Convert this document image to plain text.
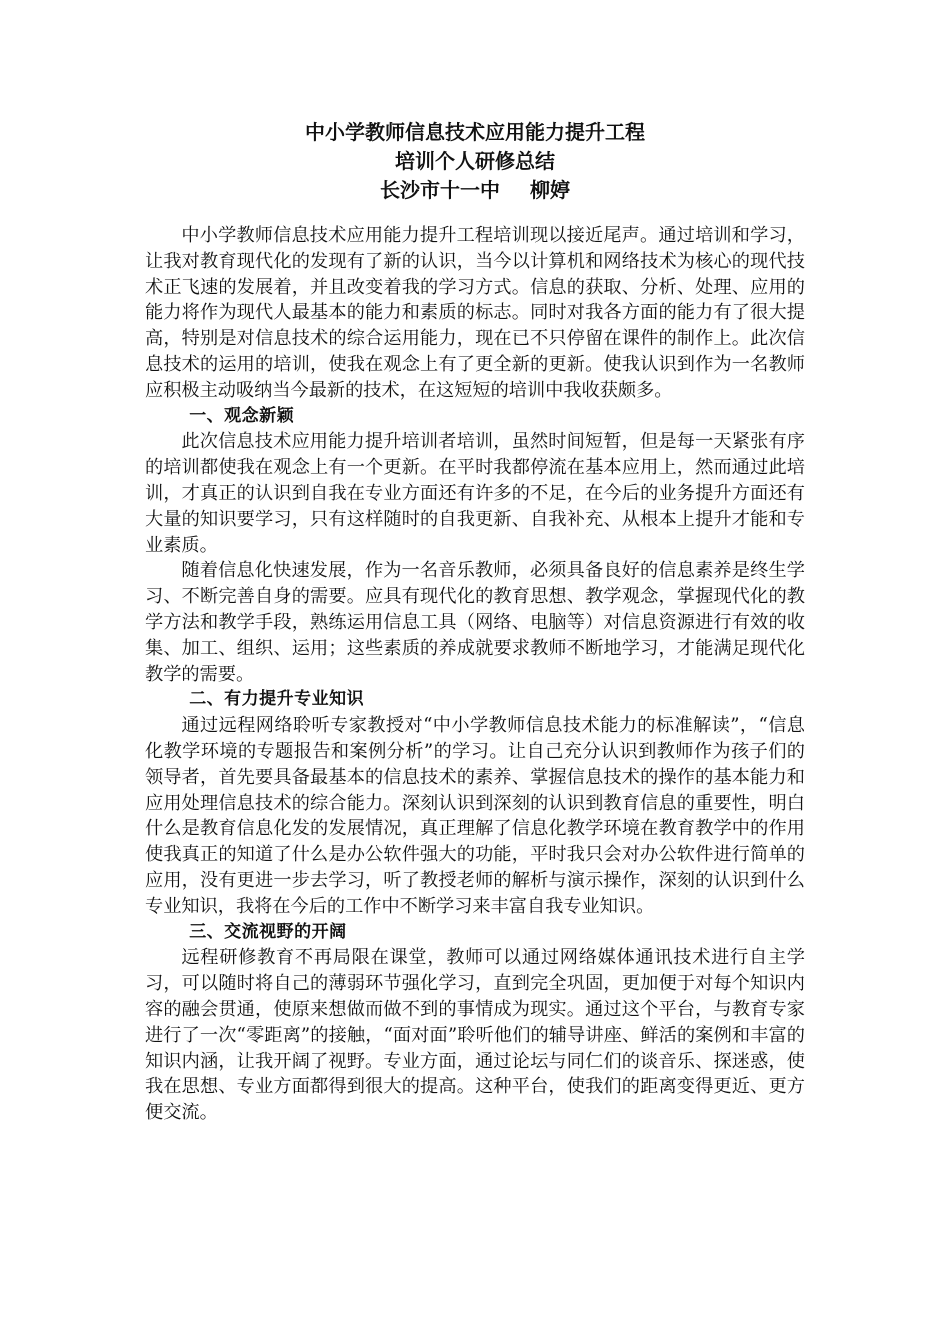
中小学教师信息技术应用能力提升工程
培训个人研修总结
长沙市十一中 柳婷

中小学教师信息技术应用能力提升工程培训现以接近尾声。通过培训和学习，让我对教育现代化的发现有了新的认识，当今以计算机和网络技术为核心的现代技术正飞速的发展着，并且改变着我的学习方式。信息的获取、分析、处理、应用的能力将作为现代人最基本的能力和素质的标志。同时对我各方面的能力有了很大提高，特别是对信息技术的综合运用能力，现在已不只停留在课件的制作上。此次信息技术的运用的培训，使我在观念上有了更全新的更新。使我认识到作为一名教师应积极主动吸纳当今最新的技术，在这短短的培训中我收获颇多。

一、观念新颖

此次信息技术应用能力提升培训者培训，虽然时间短暂，但是每一天紧张有序的培训都使我在观念上有一个更新。在平时我都停流在基本应用上，然而通过此培训，才真正的认识到自我在专业方面还有许多的不足，在今后的业务提升方面还有大量的知识要学习，只有这样随时的自我更新、自我补充、从根本上提升才能和专业素质。

随着信息化快速发展，作为一名音乐教师，必须具备良好的信息素养是终生学习、不断完善自身的需要。应具有现代化的教育思想、教学观念，掌握现代化的教学方法和教学手段，熟练运用信息工具（网络、电脑等）对信息资源进行有效的收集、加工、组织、运用；这些素质的养成就要求教师不断地学习，才能满足现代化教学的需要。

二、有力提升专业知识

通过远程网络聆听专家教授对“中小学教师信息技术能力的标准解读”，“信息化教学环境的专题报告和案例分析”的学习。让自己充分认识到教师作为孩子们的领导者，首先要具备最基本的信息技术的素养、掌握信息技术的操作的基本能力和应用处理信息技术的综合能力。深刻认识到深刻的认识到教育信息的重要性，明白什么是教育信息化发的发展情况，真正理解了信息化教学环境在教育教学中的作用使我真正的知道了什么是办公软件强大的功能，平时我只会对办公软件进行简单的应用，没有更进一步去学习，听了教授老师的解析与演示操作，深刻的认识到什么专业知识，我将在今后的工作中不断学习来丰富自我专业知识。

三、交流视野的开阔

远程研修教育不再局限在课堂，教师可以通过网络媒体通讯技术进行自主学习，可以随时将自己的薄弱环节强化学习，直到完全巩固，更加便于对每个知识内容的融会贯通，使原来想做而做不到的事情成为现实。通过这个平台，与教育专家进行了一次“零距离”的接触，“面对面”聆听他们的辅导讲座、鲜活的案例和丰富的知识内涵，让我开阔了视野。专业方面，通过论坛与同仁们的谈音乐、探迷惑，使我在思想、专业方面都得到很大的提高。这种平台，使我们的距离变得更近、更方便交流。
